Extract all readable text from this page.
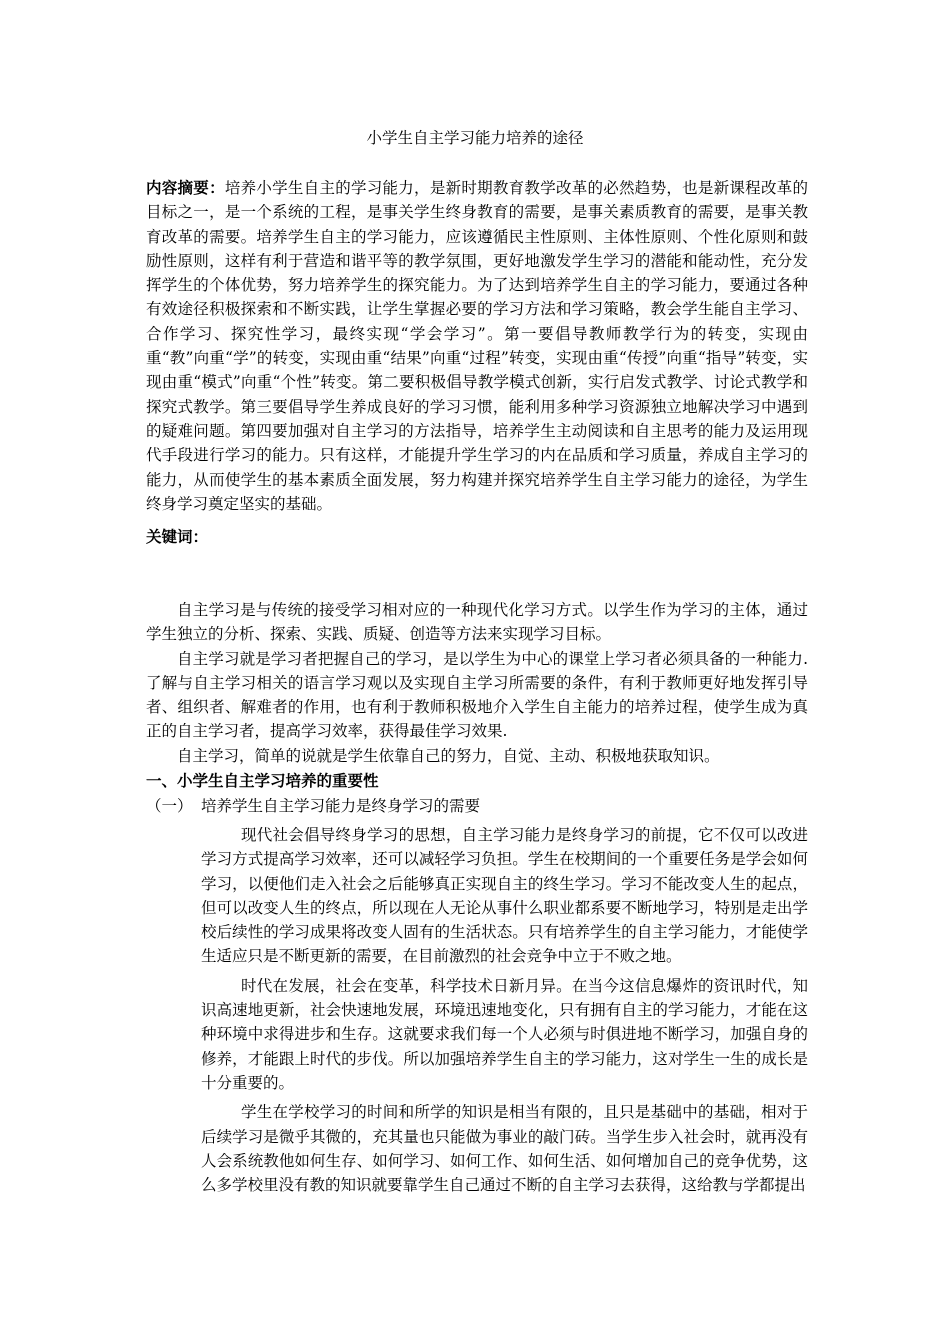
小学生自主学习能力培养的途径
内容摘要：培养小学生自主的学习能力，是新时期教育教学改革的必然趋势，也是新课程改革的目标之一，是一个系统的工程，是事关学生终身教育的需要，是事关素质教育的需要，是事关教育改革的需要。培养学生自主的学习能力，应该遵循民主性原则、主体性原则、个性化原则和鼓励性原则，这样有利于营造和谐平等的教学氛围，更好地激发学生学习的潜能和能动性，充分发挥学生的个体优势，努力培养学生的探究能力。为了达到培养学生自主的学习能力，要通过各种有效途径积极探索和不断实践，让学生掌握必要的学习方法和学习策略，教会学生能自主学习、合作学习、探究性学习，最终实现“学会学习”。第一要倡导教师教学行为的转变，实现由重“教”向重“学”的转变，实现由重“结果”向重“过程”转变，实现由重“传授”向重“指导”转变，实现由重“模式”向重“个性”转变。第二要积极倡导教学模式创新，实行启发式教学、讨论式教学和探究式教学。第三要倡导学生养成良好的学习习惯，能利用多种学习资源独立地解决学习中遇到的疑难问题。第四要加强对自主学习的方法指导，培养学生主动阅读和自主思考的能力及运用现代手段进行学习的能力。只有这样，才能提升学生学习的内在品质和学习质量，养成自主学习的能力，从而使学生的基本素质全面发展，努力构建并探究培养学生自主学习能力的途径，为学生终身学习奠定坚实的基础。
关键词：

自主学习是与传统的接受学习相对应的一种现代化学习方式。以学生作为学习的主体，通过学生独立的分析、探索、实践、质疑、创造等方法来实现学习目标。

自主学习就是学习者把握自己的学习，是以学生为中心的课堂上学习者必须具备的一种能力. 了解与自主学习相关的语言学习观以及实现自主学习所需要的条件，有利于教师更好地发挥引导者、组织者、解难者的作用，也有利于教师积极地介入学生自主能力的培养过程，使学生成为真正的自主学习者，提高学习效率，获得最佳学习效果.

自主学习，简单的说就是学生依靠自己的努力，自觉、主动、积极地获取知识。

一、小学生自主学习培养的重要性
（一） 培养学生自主学习能力是终身学习的需要

现代社会倡导终身学习的思想，自主学习能力是终身学习的前提，它不仅可以改进学习方式提高学习效率，还可以减轻学习负担。学生在校期间的一个重要任务是学会如何学习，以便他们走入社会之后能够真正实现自主的终生学习。学习不能改变人生的起点，但可以改变人生的终点，所以现在人无论从事什么职业都系要不断地学习，特别是走出学校后续性的学习成果将改变人固有的生活状态。只有培养学生的自主学习能力，才能使学生适应只是不断更新的需要，在目前激烈的社会竞争中立于不败之地。

时代在发展，社会在变革，科学技术日新月异。在当今这信息爆炸的资讯时代，知识高速地更新，社会快速地发展，环境迅速地变化，只有拥有自主的学习能力，才能在这种环境中求得进步和生存。这就要求我们每一个人必须与时俱进地不断学习，加强自身的修养，才能跟上时代的步伐。所以加强培养学生自主的学习能力，这对学生一生的成长是十分重要的。

学生在学校学习的时间和所学的知识是相当有限的，且只是基础中的基础，相对于后续学习是微乎其微的，充其量也只能做为事业的敲门砖。当学生步入社会时，就再没有人会系统教他如何生存、如何学习、如何工作、如何生活、如何增加自己的竞争优势，这么多学校里没有教的知识就要靠学生自己通过不断的自主学习去获得，这给教与学都提出
